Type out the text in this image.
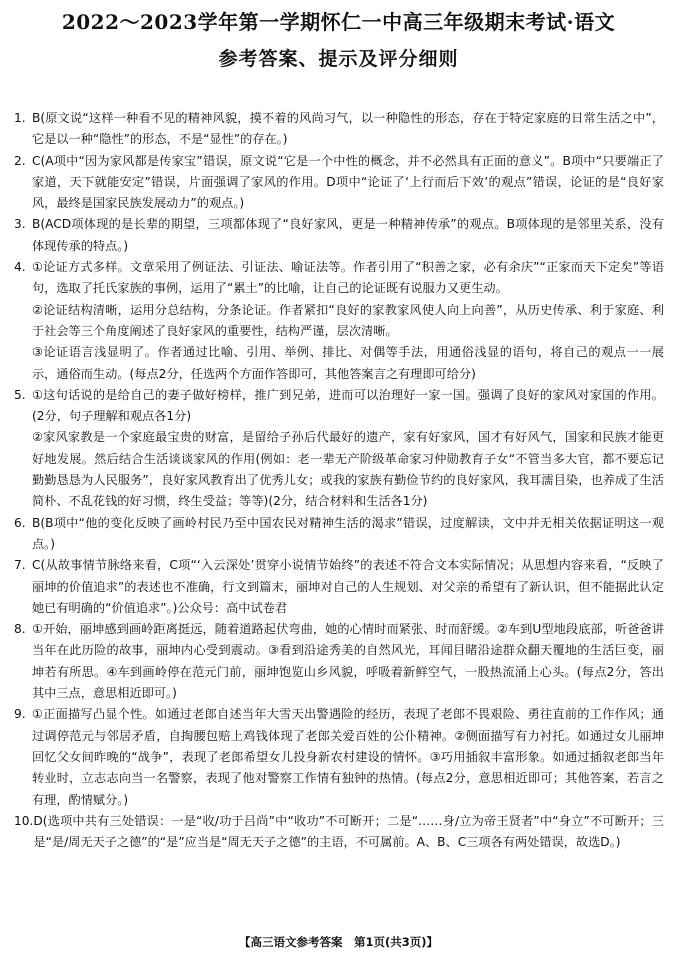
2022～2023学年第一学期怀仁一中高三年级期末考试·语文
参考答案、提示及评分细则
1. B(原文说“这样一种看不见的精神风貌，摸不着的风尚习气，以一种隐性的形态，存在于特定家庭的日常生活之中”，它是以一种“隐性”的形态，不是“显性”的存在。)
2. C(A项中“因为家风都是传家宝”错误，原文说“它是一个中性的概念，并不必然具有正面的意义”。B项中“只要端正了家道，天下就能安定”错误，片面强调了家风的作用。D项中“论证了‘上行而后下效’的观点”错误，论证的是“良好家风，最终是国家民族发展动力”的观点。)
3. B(ACD项体现的是长辈的期望，三项都体现了“良好家风，更是一种精神传承”的观点。B项体现的是邻里关系，没有体现传承的特点。)
4. ①论证方式多样。文章采用了例证法、引证法、喻证法等。作者引用了“积善之家，必有余庆”“正家而天下定矣”等语句，选取了托氏家族的事例，运用了“累土”的比喻，让自己的论证既有说服力又更生动。
②论证结构清晰，运用分总结构，分条论证。作者紧扣“良好的家教家风使人向上向善”，从历史传承、利于家庭、利于社会等三个角度阐述了良好家风的重要性，结构严谨，层次清晰。
③论证语言浅显明了。作者通过比喻、引用、举例、排比、对偶等手法，用通俗浅显的语句，将自己的观点一一展示，通俗而生动。(每点2分，任选两个方面作答即可，其他答案言之有理即可给分)
5. ①这句话说的是给自己的妻子做好榜样，推广到兄弟，进而可以治理好一家一国。强调了良好的家风对家国的作用。(2分，句子理解和观点各1分)
②家风家教是一个家庭最宝贵的财富，是留给子孙后代最好的遗产，家有好家风，国才有好风气，国家和民族才能更好地发展。然后结合生活谈谈家风的作用(例如：老一辈无产阶级革命家习仲勋教育子女“不管当多大官，都不要忘记勤勤恳恳为人民服务”，良好家风教育出了优秀儿女；或我的家族有勤俭节约的良好家风，我耳濡目染，也养成了生活简朴、不乱花钱的好习惯，终生受益；等等)(2分，结合材料和生活各1分)
6. B(B项中“他的变化反映了画岭村民乃至中国农民对精神生活的渴求”错误，过度解读，文中并无相关依据证明这一观点。)
7. C(从故事情节脉络来看，C项“‘入云深处’贯穿小说情节始终”的表述不符合文本实际情况；从思想内容来看，“反映了丽坤的价值追求”的表述也不准确，行文到篇末，丽坤对自己的人生规划、对父亲的希望有了新认识，但不能据此认定她已有明确的“价值追求”。)公众号：高中试卷君
8. ①开始，丽坤感到画岭距离挺远，随着道路起伏弯曲，她的心情时而紧张、时而舒缓。②车到U型地段底部，听爸爸讲当年在此历险的故事，丽坤内心受到震动。③看到沿途秀美的自然风光，耳闻目睹沿途群众翻天覆地的生活巨变，丽坤若有所思。④车到画岭停在范元门前，丽坤饱览山乡风貌，呼吸着新鲜空气，一股热流涌上心头。(每点2分，答出其中三点，意思相近即可。)
9. ①正面描写凸显个性。如通过老郎自述当年大雪天出警遇险的经历，表现了老郎不畏艰险、勇往直前的工作作风；通过调停范元与邻居矛盾，自掏腰包赔上鸡钱体现了老郎关爱百姓的公仆精神。②侧面描写有力衬托。如通过女儿丽坤回忆父女间昨晚的“战争”，表现了老郎希望女儿投身新农村建设的情怀。③巧用插叙丰富形象。如通过插叙老郎当年转业时，立志志向当一名警察，表现了他对警察工作情有独钟的热情。(每点2分，意思相近即可；其他答案，若言之有理，酌情赋分。)
10. D(选项中共有三处错误：一是“收/功于吕尚”中“收功”不可断开；二是“……身/立为帝王贤者”中“身立”不可断开；三是“是/周无天子之德”的“是”应当是“周无天子之德”的主语，不可属前。A、B、C三项各有两处错误，故选D。)
【高三语文参考答案　第1页(共3页)】
